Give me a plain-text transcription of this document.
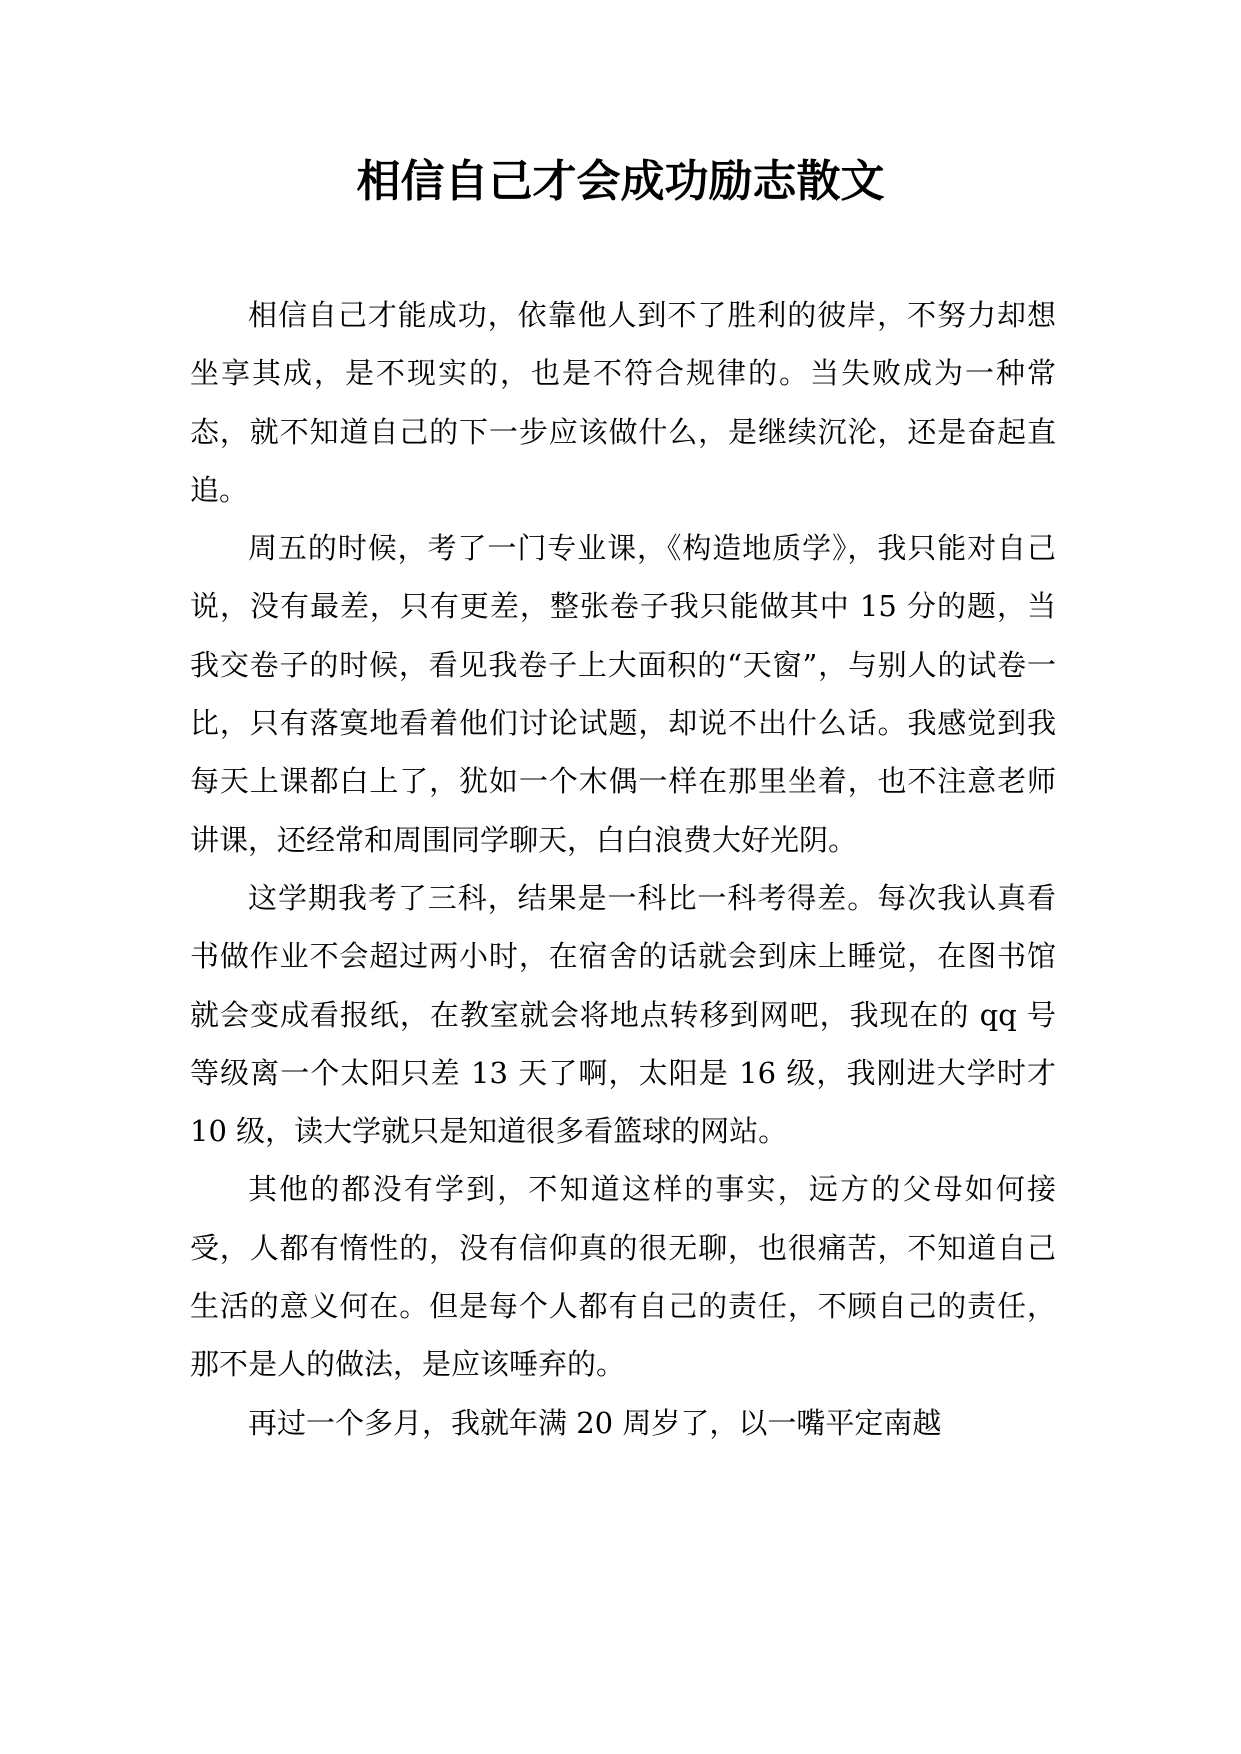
相信自己才会成功励志散文

相信自己才能成功，依靠他人到不了胜利的彼岸，不努力却想坐享其成，是不现实的，也是不符合规律的。当失败成为一种常态，就不知道自己的下一步应该做什么，是继续沉沦，还是奋起直追。

周五的时候，考了一门专业课，《构造地质学》，我只能对自己说，没有最差，只有更差，整张卷子我只能做其中 15 分的题，当我交卷子的时候，看见我卷子上大面积的“天窗”，与别人的试卷一比，只有落寞地看着他们讨论试题，却说不出什么话。我感觉到我每天上课都白上了，犹如一个木偶一样在那里坐着，也不注意老师讲课，还经常和周围同学聊天，白白浪费大好光阴。

这学期我考了三科，结果是一科比一科考得差。每次我认真看书做作业不会超过两小时，在宿舍的话就会到床上睡觉，在图书馆就会变成看报纸，在教室就会将地点转移到网吧，我现在的 qq 号等级离一个太阳只差 13 天了啊，太阳是 16 级，我刚进大学时才 10 级，读大学就只是知道很多看篮球的网站。

其他的都没有学到，不知道这样的事实，远方的父母如何接受，人都有惰性的，没有信仰真的很无聊，也很痛苦，不知道自己生活的意义何在。但是每个人都有自己的责任，不顾自己的责任，那不是人的做法，是应该唾弃的。

再过一个多月，我就年满 20 周岁了，以一嘴平定南越
